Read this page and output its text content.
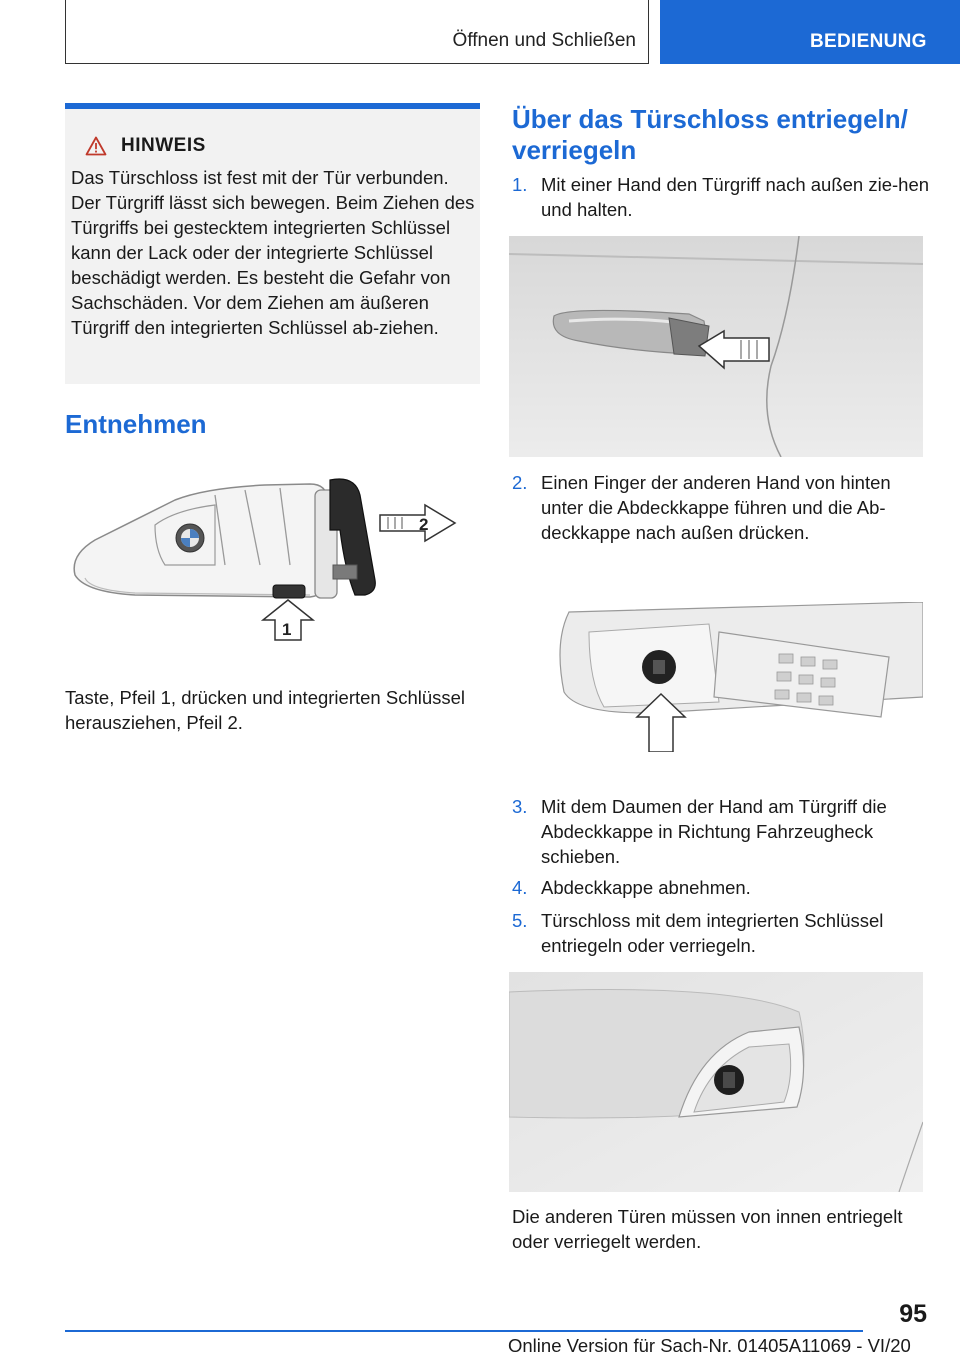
Öffnen und Schließen	BEDIENUNG
HINWEIS
Das Türschloss ist fest mit der Tür verbunden. Der Türgriff lässt sich bewegen. Beim Ziehen des Türgriffs bei gestecktem integrierten Schlüssel kann der Lack oder der integrierte Schlüssel beschädigt werden. Es besteht die Gefahr von Sachschäden. Vor dem Ziehen am äußeren Türgriff den integrierten Schlüssel ab‐ziehen.
Entnehmen
2
1
Taste, Pfeil 1, drücken und integrierten Schlüssel herausziehen, Pfeil 2.
Über das Türschloss entriegeln/ verriegeln
1. Mit einer Hand den Türgriff nach außen zie‐hen und halten.
2. Einen Finger der anderen Hand von hinten unter die Abdeckkappe führen und die Ab‐deckkappe nach außen drücken.
3. Mit dem Daumen der Hand am Türgriff die Abdeckkappe in Richtung Fahrzeugheck schieben.
4. Abdeckkappe abnehmen.
5. Türschloss mit dem integrierten Schlüssel entriegeln oder verriegeln.
Die anderen Türen müssen von innen entriegelt oder verriegelt werden.
95
Online Version für Sach-Nr. 01405A11069 - VI/20
